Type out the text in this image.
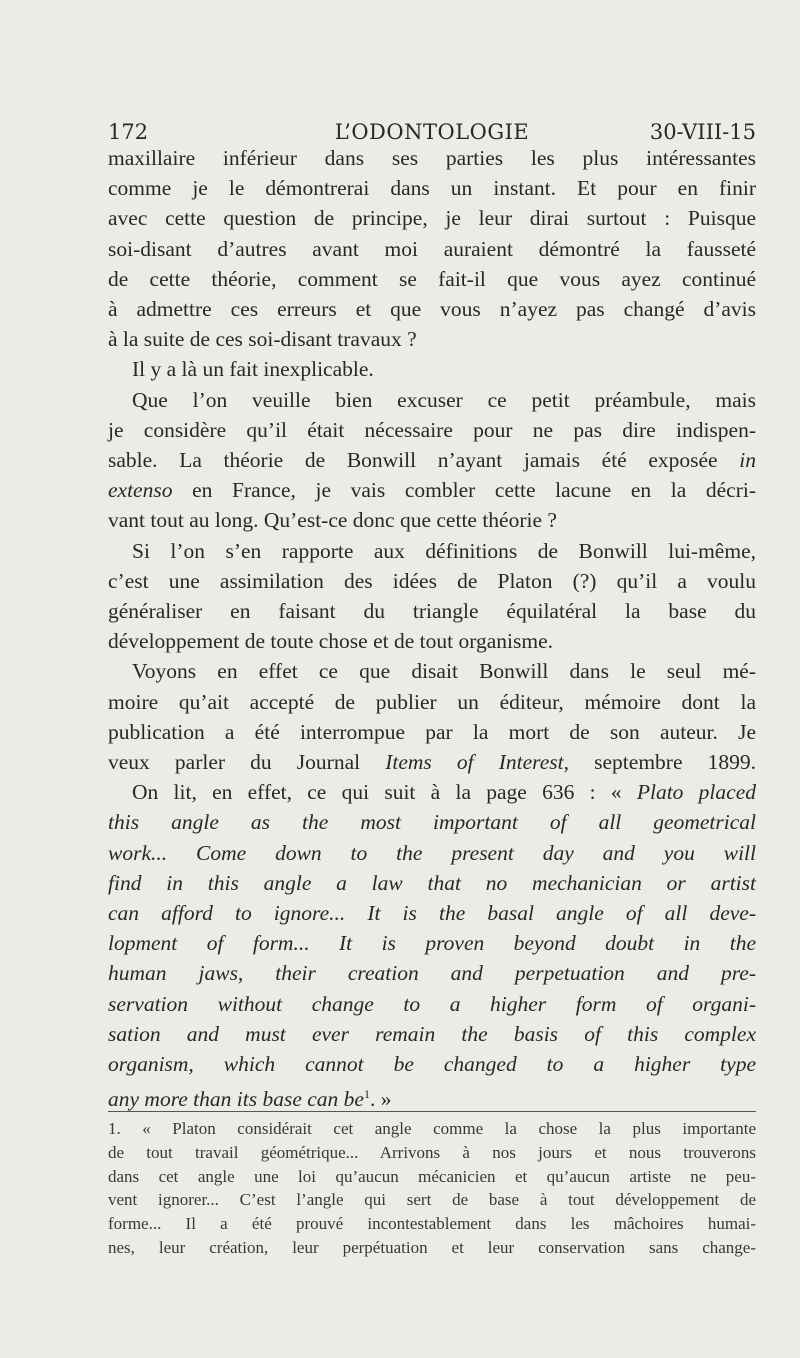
172	L’ODONTOLOGIE	30-VIII-15

maxillaire inférieur dans ses parties les plus intéressantes

comme je le démontrerai dans un instant. Et pour en finir

avec cette question de principe, je leur dirai surtout : Puisque

soi-disant d’autres avant moi auraient démontré la fausseté

de cette théorie, comment se fait-il que vous ayez continué

à admettre ces erreurs et que vous n’ayez pas changé d’avis

à la suite de ces soi-disant travaux ?

Il y a là un fait inexplicable.

Que l’on veuille bien excuser ce petit préambule, mais

je considère qu’il était nécessaire pour ne pas dire indispen-

sable. La théorie de Bonwill n’ayant jamais été exposée in

extenso en France, je vais combler cette lacune en la décri-

vant tout au long. Qu’est-ce donc que cette théorie ?

Si l’on s’en rapporte aux définitions de Bonwill lui-même,

c’est une assimilation des idées de Platon (?) qu’il a voulu

généraliser en faisant du triangle équilatéral la base du

développement de toute chose et de tout organisme.

Voyons en effet ce que disait Bonwill dans le seul mé-

moire qu’ait accepté de publier un éditeur, mémoire dont la

publication a été interrompue par la mort de son auteur. Je

veux parler du Journal Items of Interest, septembre 1899.

On lit, en effet, ce qui suit à la page 636 : « Plato placed

this angle as the most important of all geometrical

work... Come down to the present day and you will

find in this angle a law that no mechanician or artist

can afford to ignore... It is the basal angle of all deve-

lopment of form... It is proven beyond doubt in the

human jaws, their creation and perpetuation and pre-

servation without change to a higher form of organi-

sation and must ever remain the basis of this complex

organism, which cannot be changed to a higher type

any more than its base can $be^1$. »

1. « Platon considérait cet angle comme la chose la plus importante

de tout travail géométrique... Arrivons à nos jours et nous trouverons

dans cet angle une loi qu’aucun mécanicien et qu’aucun artiste ne peu-

vent ignorer... C’est l’angle qui sert de base à tout développement de

forme... Il a été prouvé incontestablement dans les mâchoires humai-

nes, leur création, leur perpétuation et leur conservation sans change-
